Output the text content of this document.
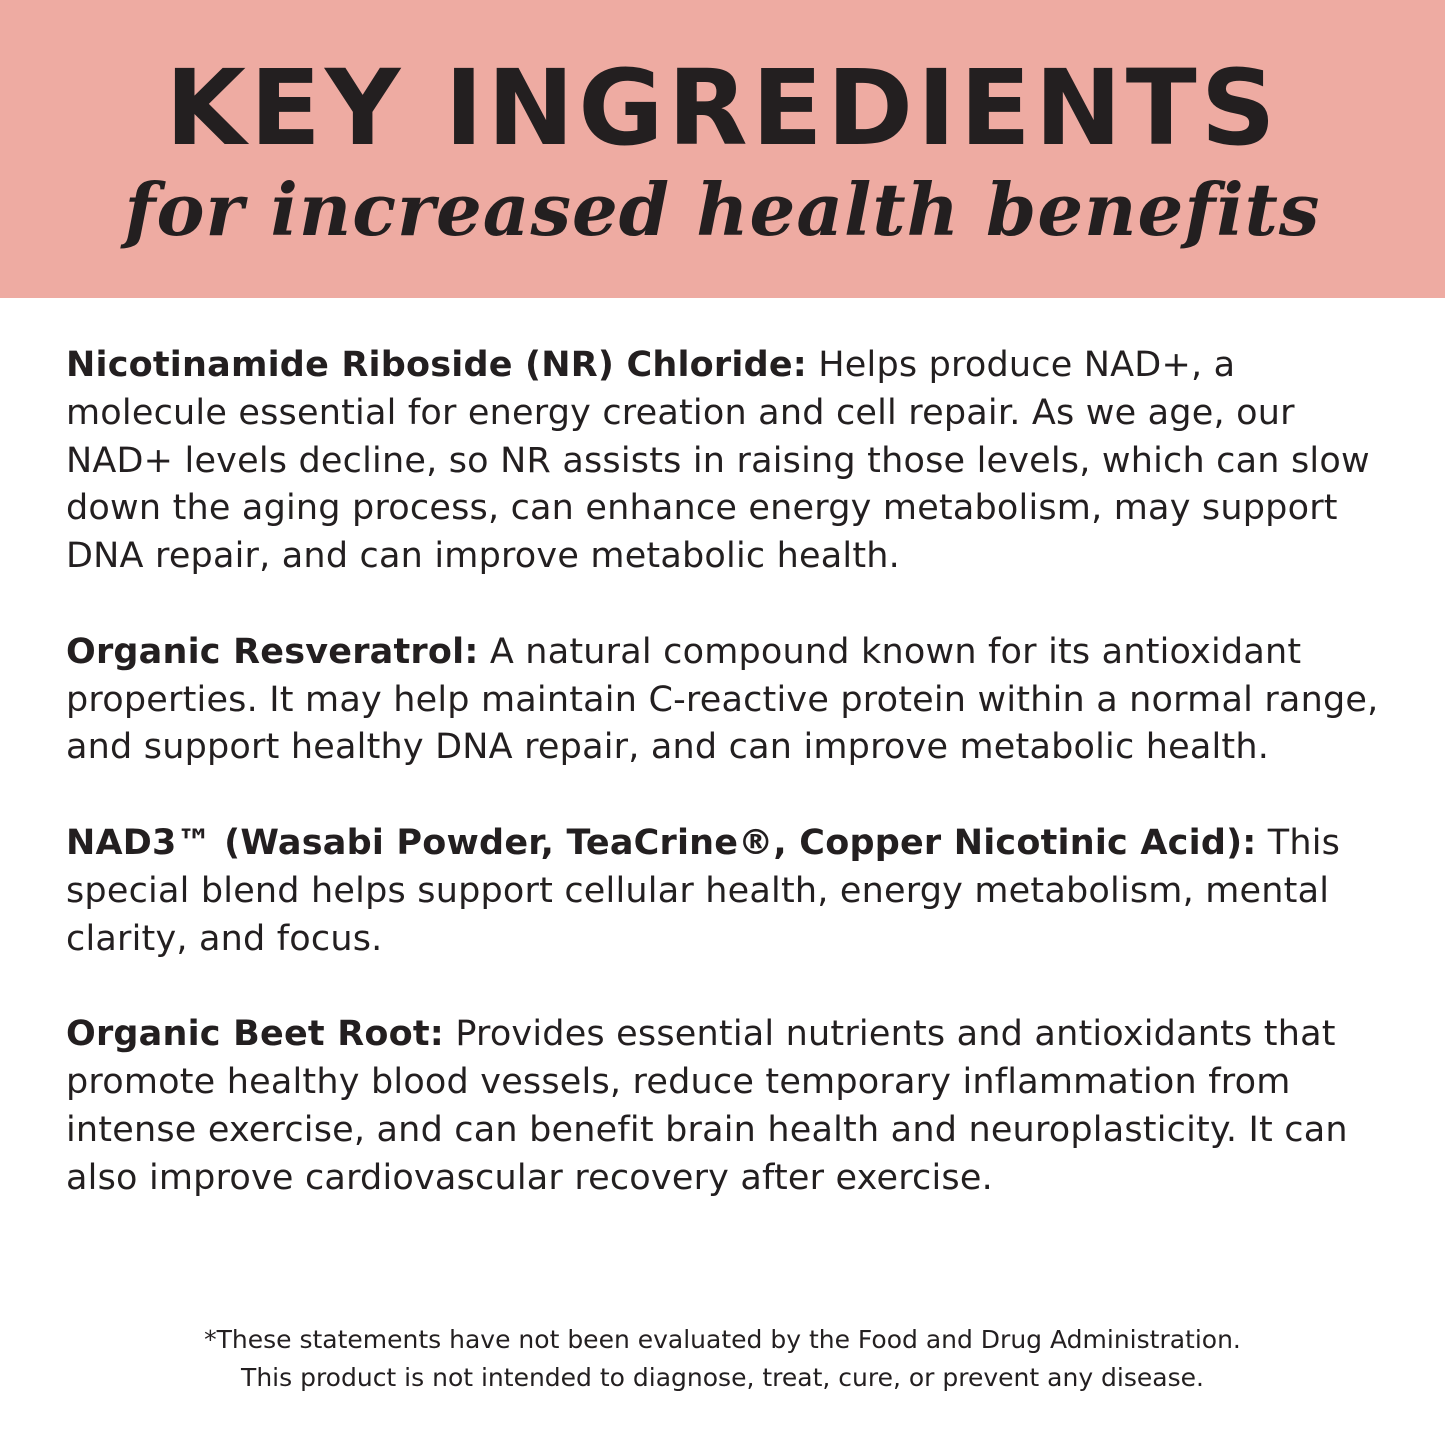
KEY INGREDIENTS
for increased health benefits

Nicotinamide Riboside (NR) Chloride: Helps produce NAD+, a molecule essential for energy creation and cell repair. As we age, our NAD+ levels decline, so NR assists in raising those levels, which can slow down the aging process, can enhance energy metabolism, may support DNA repair, and can improve metabolic health.

Organic Resveratrol: A natural compound known for its antioxidant properties. It may help maintain C-reactive protein within a normal range, and support healthy DNA repair, and can improve metabolic health.

NAD3™ (Wasabi Powder, TeaCrine®, Copper Nicotinic Acid): This special blend helps support cellular health, energy metabolism, mental clarity, and focus.

Organic Beet Root: Provides essential nutrients and antioxidants that promote healthy blood vessels, reduce temporary inflammation from intense exercise, and can benefit brain health and neuroplasticity. It can also improve cardiovascular recovery after exercise.

*These statements have not been evaluated by the Food and Drug Administration.
This product is not intended to diagnose, treat, cure, or prevent any disease.
